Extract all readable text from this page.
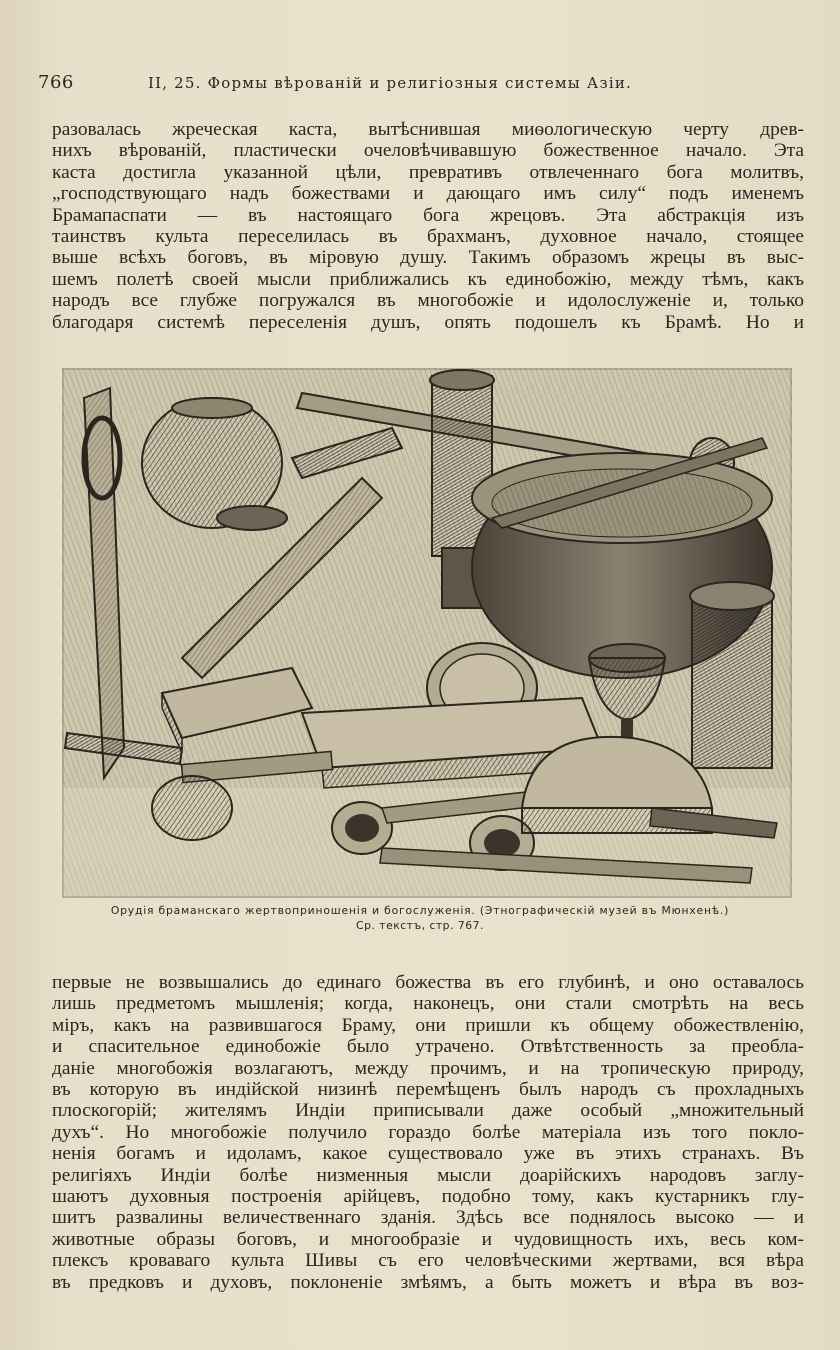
766	II, 25. Формы вѣрованій и религіозныя системы Азіи.
разовалась жреческая каста, вытѣснившая миѳологическую черту древ-
нихъ вѣрованій, пластически очеловѣчивавшую божественное начало. Эта
каста достигла указанной цѣли, превративъ отвлеченнаго бога молитвъ,
„господствующаго надъ божествами и дающаго имъ силу“ подъ именемъ
Брамапаспати — въ настоящаго бога жрецовъ. Эта абстракція изъ
таинствъ культа переселилась въ брахманъ, духовное начало, стоящее
выше всѣхъ боговъ, въ міровую душу. Такимъ образомъ жрецы въ выс-
шемъ полетѣ своей мысли приближались къ единобожію, между тѣмъ, какъ
народъ все глубже погружался въ многобожіе и идолослуженіе и, только
благодаря системѣ переселенія душъ, опять подошелъ къ Брамѣ. Но и
Орудія браманскаго жертвоприношенія и богослуженія. (Этнографическій музей въ Мюнхенѣ.)
Ср. текстъ, стр. 767.
первые не возвышались до единаго божества въ его глубинѣ, и оно оставалось
лишь предметомъ мышленія; когда, наконецъ, они стали смотрѣть на весь
міръ, какъ на развившагося Браму, они пришли къ общему обожествленію,
и спасительное единобожіе было утрачено. Отвѣтственность за преобла-
даніе многобожія возлагаютъ, между прочимъ, и на тропическую природу,
въ которую въ индійской низинѣ перемѣщенъ былъ народъ съ прохладныхъ
плоскогорій; жителямъ Индіи приписывали даже особый „множительный
духъ“. Но многобожіе получило гораздо болѣе матеріала изъ того покло-
ненія богамъ и идоламъ, какое существовало уже въ этихъ странахъ. Въ
религіяхъ Индіи болѣе низменныя мысли доарійскихъ народовъ заглу-
шаютъ духовныя построенія арійцевъ, подобно тому, какъ кустарникъ глу-
шитъ развалины величественнаго зданія. Здѣсь все поднялось высоко — и
животные образы боговъ, и многообразіе и чудовищность ихъ, весь ком-
плексъ кроваваго культа Шивы съ его человѣческими жертвами, вся вѣра
въ предковъ и духовъ, поклоненіе змѣямъ, а быть можетъ и вѣра въ воз-
